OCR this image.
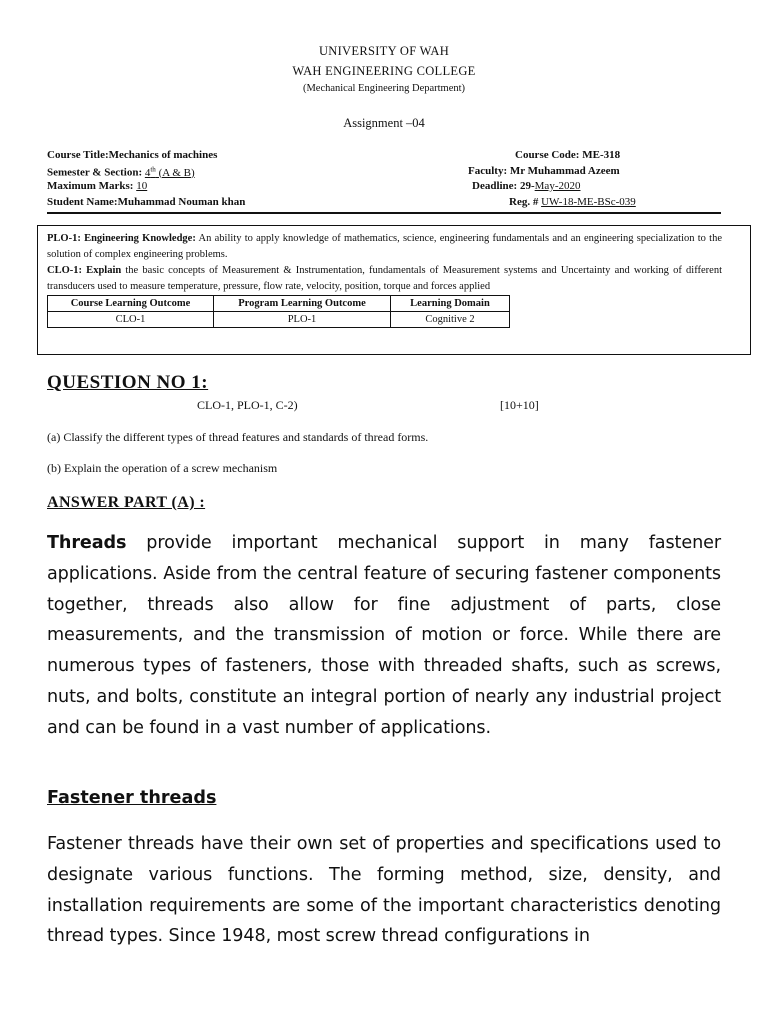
UNIVERSITY OF WAH
WAH ENGINEERING COLLEGE
(Mechanical Engineering Department)
Assignment –04
Course Title:Mechanics of machines	Course Code: ME-318
Semester & Section: 4th (A & B)	Faculty: Mr Muhammad Azeem
Maximum Marks: 10	Deadline: 29-May-2020
Student Name:Muhammad Nouman khan	Reg. # UW-18-ME-BSc-039
PLO-1: Engineering Knowledge: An ability to apply knowledge of mathematics, science, engineering fundamentals and an engineering specialization to the solution of complex engineering problems.
CLO-1: Explain the basic concepts of Measurement & Instrumentation, fundamentals of Measurement systems and Uncertainty and working of different transducers used to measure temperature, pressure, flow rate, velocity, position, torque and forces applied
Course Learning Outcome	Program Learning Outcome	Learning Domain
CLO-1	PLO-1	Cognitive 2
QUESTION NO 1:
CLO-1, PLO-1, C-2)	[10+10]
(a) Classify the different types of thread features and standards of thread forms.
(b) Explain the operation of a screw mechanism
ANSWER PART (A) :
Threads provide important mechanical support in many fastener applications. Aside from the central feature of securing fastener components together, threads also allow for fine adjustment of parts, close measurements, and the transmission of motion or force. While there are numerous types of fasteners, those with threaded shafts, such as screws, nuts, and bolts, constitute an integral portion of nearly any industrial project and can be found in a vast number of applications.
Fastener threads
Fastener threads have their own set of properties and specifications used to designate various functions. The forming method, size, density, and installation requirements are some of the important characteristics denoting thread types. Since 1948, most screw thread configurations in
